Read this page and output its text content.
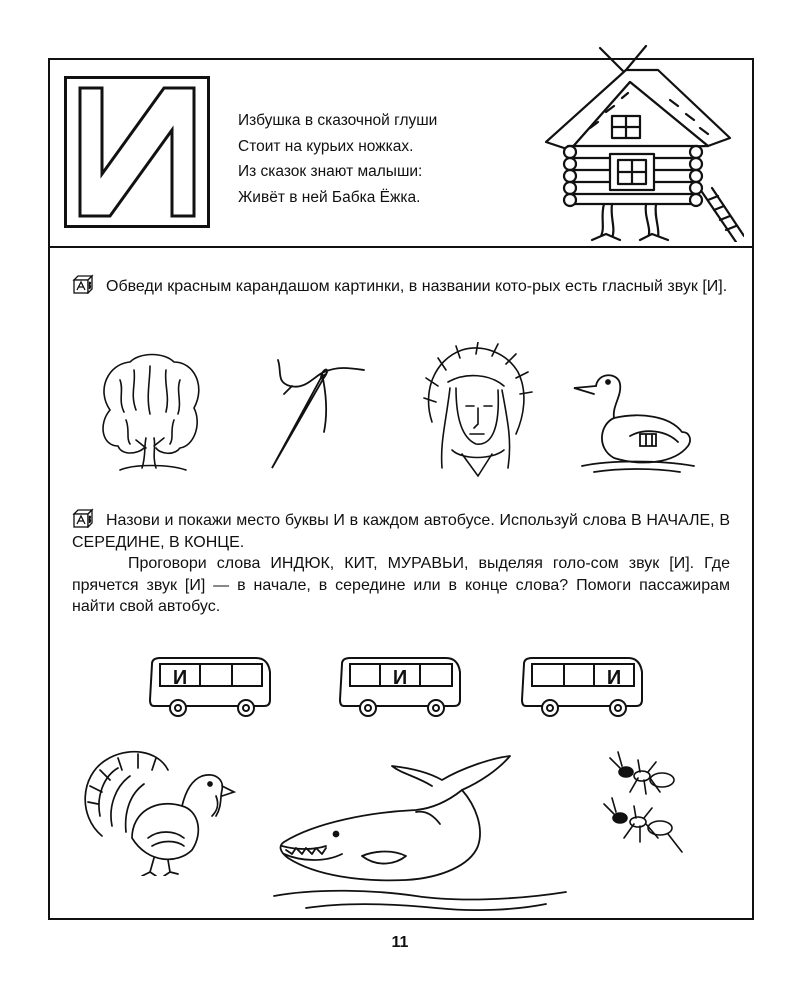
И
Избушка в сказочной глуши
Стоит на курьих ножках.
Из сказок знают малыши:
Живёт в ней Бабка Ёжка.
Обведи красным карандашом картинки, в названии кото-рых есть гласный звук [И].
Назови и покажи место буквы И в каждом автобусе. Используй слова В НАЧАЛЕ, В СЕРЕДИНЕ, В КОНЦЕ.
Проговори слова ИНДЮК, КИТ, МУРАВЬИ, выделяя голо-сом звук [И]. Где прячется звук [И] — в начале, в середине или в конце слова? Помоги пассажирам найти свой автобус.
И	И	И
11
